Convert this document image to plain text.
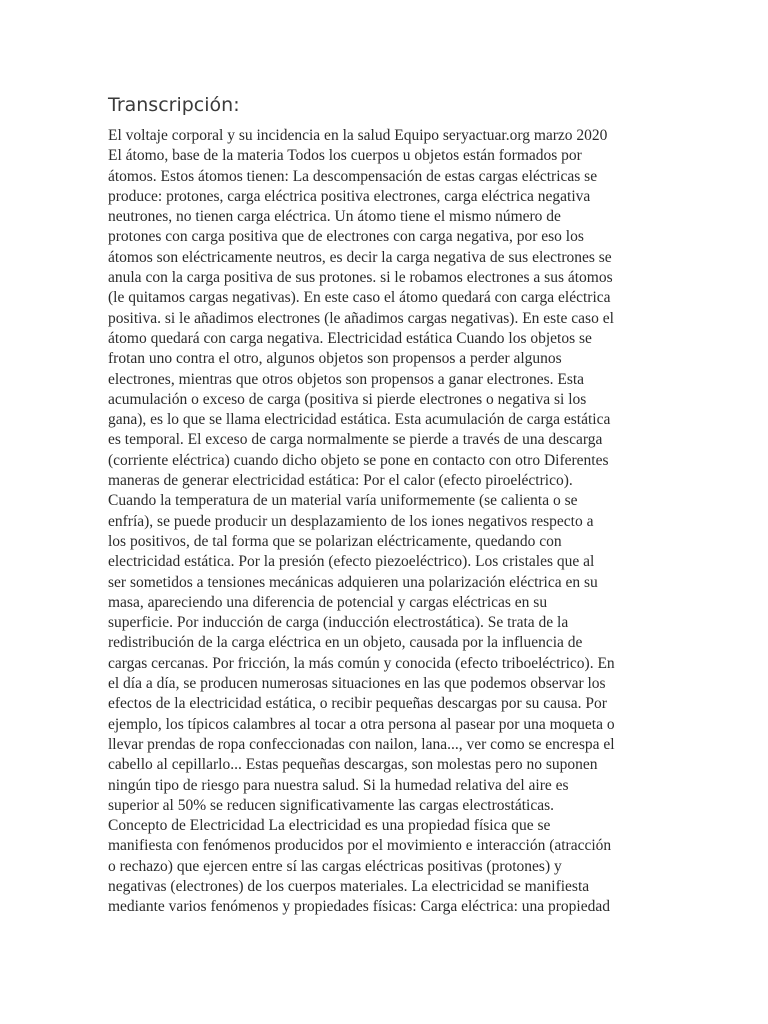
Transcripción:
El voltaje corporal y su incidencia en la salud Equipo seryactuar.org marzo 2020
El átomo, base de la materia Todos los cuerpos u objetos están formados por
átomos. Estos átomos tienen: La descompensación de estas cargas eléctricas se
produce: protones, carga eléctrica positiva electrones, carga eléctrica negativa
neutrones, no tienen carga eléctrica. Un átomo tiene el mismo número de
protones con carga positiva que de electrones con carga negativa, por eso los
átomos son eléctricamente neutros, es decir la carga negativa de sus electrones se
anula con la carga positiva de sus protones. si le robamos electrones a sus átomos
(le quitamos cargas negativas). En este caso el átomo quedará con carga eléctrica
positiva. si le añadimos electrones (le añadimos cargas negativas). En este caso el
átomo quedará con carga negativa. Electricidad estática Cuando los objetos se
frotan uno contra el otro, algunos objetos son propensos a perder algunos
electrones, mientras que otros objetos son propensos a ganar electrones. Esta
acumulación o exceso de carga (positiva si pierde electrones o negativa si los
gana), es lo que se llama electricidad estática. Esta acumulación de carga estática
es temporal. El exceso de carga normalmente se pierde a través de una descarga
(corriente eléctrica) cuando dicho objeto se pone en contacto con otro Diferentes
maneras de generar electricidad estática: Por el calor (efecto piroeléctrico).
Cuando la temperatura de un material varía uniformemente (se calienta o se
enfría), se puede producir un desplazamiento de los iones negativos respecto a
los positivos, de tal forma que se polarizan eléctricamente, quedando con
electricidad estática. Por la presión (efecto piezoeléctrico). Los cristales que al
ser sometidos a tensiones mecánicas adquieren una polarización eléctrica en su
masa, apareciendo una diferencia de potencial y cargas eléctricas en su
superficie. Por inducción de carga (inducción electrostática). Se trata de la
redistribución de la carga eléctrica en un objeto, causada por la influencia de
cargas cercanas. Por fricción, la más común y conocida (efecto triboeléctrico). En
el día a día, se producen numerosas situaciones en las que podemos observar los
efectos de la electricidad estática, o recibir pequeñas descargas por su causa. Por
ejemplo, los típicos calambres al tocar a otra persona al pasear por una moqueta o
llevar prendas de ropa confeccionadas con nailon, lana..., ver como se encrespa el
cabello al cepillarlo... Estas pequeñas descargas, son molestas pero no suponen
ningún tipo de riesgo para nuestra salud. Si la humedad relativa del aire es
superior al 50% se reducen significativamente las cargas electrostáticas.
Concepto de Electricidad La electricidad es una propiedad física que se
manifiesta con fenómenos producidos por el movimiento e interacción (atracción
o rechazo) que ejercen entre sí las cargas eléctricas positivas (protones) y
negativas (electrones) de los cuerpos materiales. La electricidad se manifiesta
mediante varios fenómenos y propiedades físicas: Carga eléctrica: una propiedad
